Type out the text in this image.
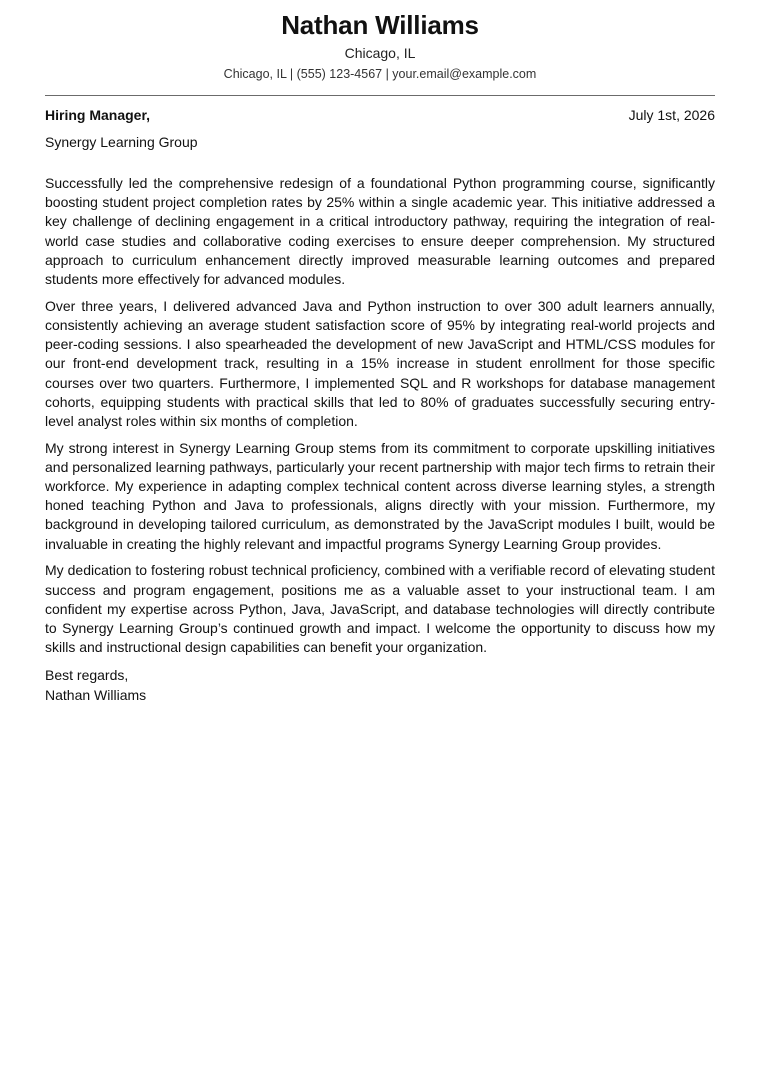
Nathan Williams
Chicago, IL
Chicago, IL | (555) 123-4567 | your.email@example.com
Hiring Manager,	July 1st, 2026
Synergy Learning Group

Successfully led the comprehensive redesign of a foundational Python programming course, significantly boosting student project completion rates by 25% within a single academic year. This initiative addressed a key challenge of declining engagement in a critical introductory pathway, requiring the integration of real-world case studies and collaborative coding exercises to ensure deeper comprehension. My structured approach to curriculum enhancement directly improved measurable learning outcomes and prepared students more effectively for advanced modules.

Over three years, I delivered advanced Java and Python instruction to over 300 adult learners annually, consistently achieving an average student satisfaction score of 95% by integrating real-world projects and peer-coding sessions. I also spearheaded the development of new JavaScript and HTML/CSS modules for our front-end development track, resulting in a 15% increase in student enrollment for those specific courses over two quarters. Furthermore, I implemented SQL and R workshops for database management cohorts, equipping students with practical skills that led to 80% of graduates successfully securing entry-level analyst roles within six months of completion.

My strong interest in Synergy Learning Group stems from its commitment to corporate upskilling initiatives and personalized learning pathways, particularly your recent partnership with major tech firms to retrain their workforce. My experience in adapting complex technical content across diverse learning styles, a strength honed teaching Python and Java to professionals, aligns directly with your mission. Furthermore, my background in developing tailored curriculum, as demonstrated by the JavaScript modules I built, would be invaluable in creating the highly relevant and impactful programs Synergy Learning Group provides.

My dedication to fostering robust technical proficiency, combined with a verifiable record of elevating student success and program engagement, positions me as a valuable asset to your instructional team. I am confident my expertise across Python, Java, JavaScript, and database technologies will directly contribute to Synergy Learning Group’s continued growth and impact. I welcome the opportunity to discuss how my skills and instructional design capabilities can benefit your organization.

Best regards,
Nathan Williams
